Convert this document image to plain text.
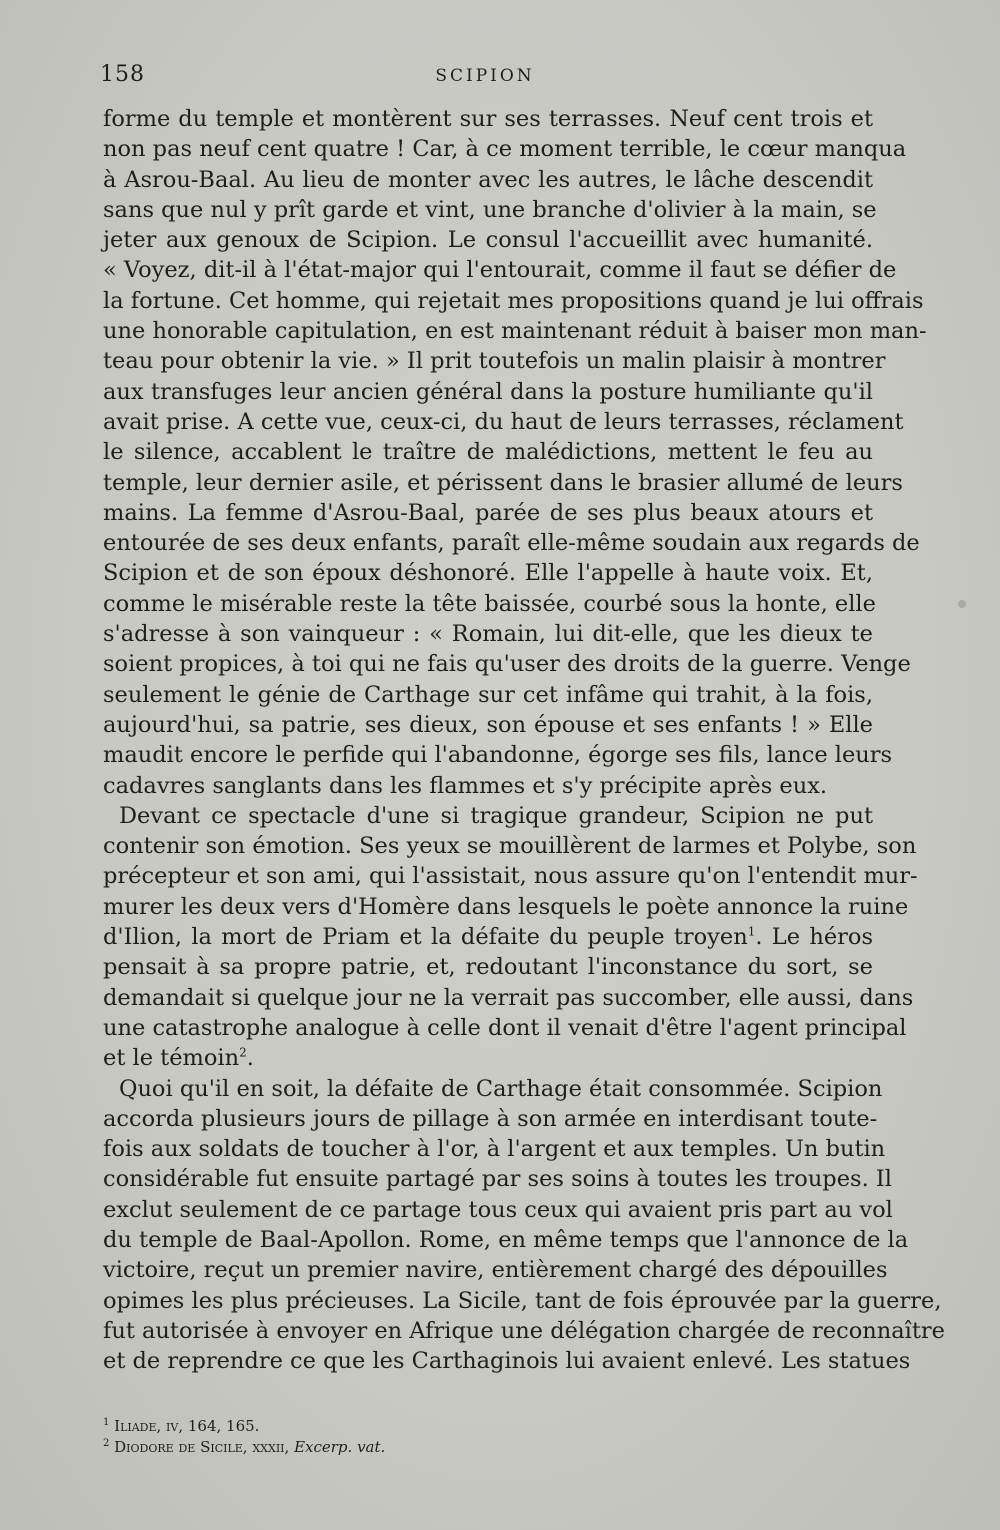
158	SCIPION
forme du temple et montèrent sur ses terrasses. Neuf cent trois et
non pas neuf cent quatre ! Car, à ce moment terrible, le cœur manqua
à Asrou-Baal. Au lieu de monter avec les autres, le lâche descendit
sans que nul y prît garde et vint, une branche d'olivier à la main, se
jeter aux genoux de Scipion. Le consul l'accueillit avec humanité.
« Voyez, dit-il à l'état-major qui l'entourait, comme il faut se défier de
la fortune. Cet homme, qui rejetait mes propositions quand je lui offrais
une honorable capitulation, en est maintenant réduit à baiser mon man-
teau pour obtenir la vie. » Il prit toutefois un malin plaisir à montrer
aux transfuges leur ancien général dans la posture humiliante qu'il
avait prise. A cette vue, ceux-ci, du haut de leurs terrasses, réclament
le silence, accablent le traître de malédictions, mettent le feu au
temple, leur dernier asile, et périssent dans le brasier allumé de leurs
mains. La femme d'Asrou-Baal, parée de ses plus beaux atours et
entourée de ses deux enfants, paraît elle-même soudain aux regards de
Scipion et de son époux déshonoré. Elle l'appelle à haute voix. Et,
comme le misérable reste la tête baissée, courbé sous la honte, elle
s'adresse à son vainqueur : « Romain, lui dit-elle, que les dieux te
soient propices, à toi qui ne fais qu'user des droits de la guerre. Venge
seulement le génie de Carthage sur cet infâme qui trahit, à la fois,
aujourd'hui, sa patrie, ses dieux, son épouse et ses enfants ! » Elle
maudit encore le perfide qui l'abandonne, égorge ses fils, lance leurs
cadavres sanglants dans les flammes et s'y précipite après eux.
Devant ce spectacle d'une si tragique grandeur, Scipion ne put
contenir son émotion. Ses yeux se mouillèrent de larmes et Polybe, son
précepteur et son ami, qui l'assistait, nous assure qu'on l'entendit mur-
murer les deux vers d'Homère dans lesquels le poète annonce la ruine
d'Ilion, la mort de Priam et la défaite du peuple troyen$^1$. Le héros
pensait à sa propre patrie, et, redoutant l'inconstance du sort, se
demandait si quelque jour ne la verrait pas succomber, elle aussi, dans
une catastrophe analogue à celle dont il venait d'être l'agent principal
et le témoin$^2$.
Quoi qu'il en soit, la défaite de Carthage était consommée. Scipion
accorda plusieurs jours de pillage à son armée en interdisant toute-
fois aux soldats de toucher à l'or, à l'argent et aux temples. Un butin
considérable fut ensuite partagé par ses soins à toutes les troupes. Il
exclut seulement de ce partage tous ceux qui avaient pris part au vol
du temple de Baal-Apollon. Rome, en même temps que l'annonce de la
victoire, reçut un premier navire, entièrement chargé des dépouilles
opimes les plus précieuses. La Sicile, tant de fois éprouvée par la guerre,
fut autorisée à envoyer en Afrique une délégation chargée de reconnaître
et de reprendre ce que les Carthaginois lui avaient enlevé. Les statues
$^1$ Iliade, iv, 164, 165.
$^2$ Diodore de Sicile, xxxii, Excerp. vat.
